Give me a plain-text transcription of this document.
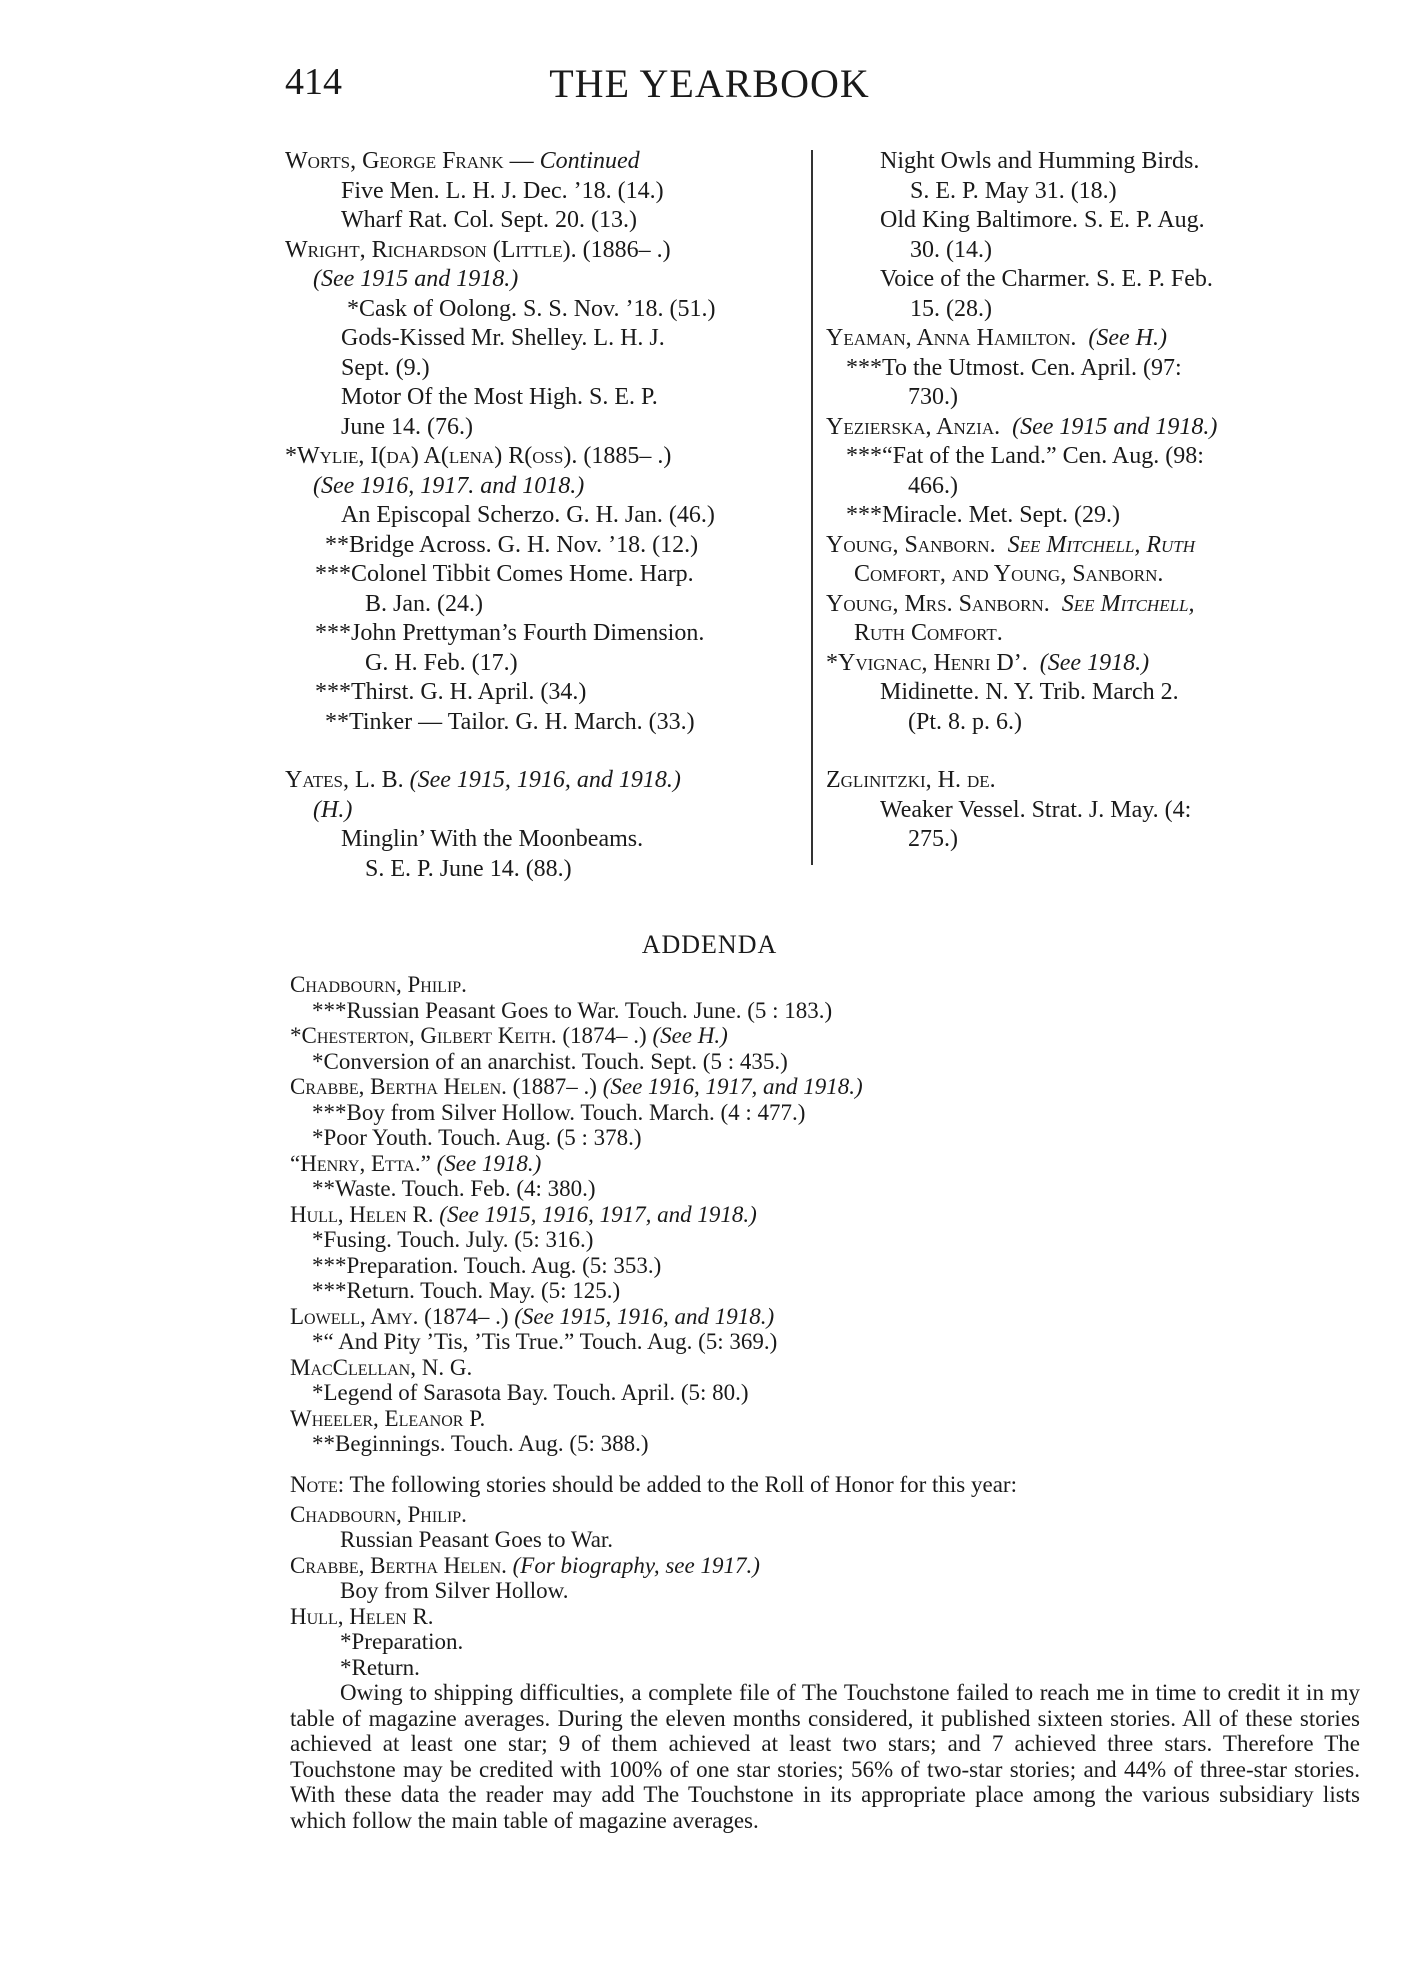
414	THE YEARBOOK

Worts, George Frank — Continued

Five Men. L. H. J. Dec. ’18. (14.)

Wharf Rat. Col. Sept. 20. (13.)

Wright, Richardson (Little). (1886– .)

(See 1915 and 1918.)

*Cask of Oolong. S. S. Nov. ’18. (51.)

Gods-Kissed Mr. Shelley. L. H. J.

Sept. (9.)

Motor Of the Most High. S. E. P.

June 14. (76.)

*Wylie, I(da) A(lena) R(oss). (1885– .)

(See 1916, 1917. and 1018.)

An Episcopal Scherzo. G. H. Jan. (46.)

**Bridge Across. G. H. Nov. ’18. (12.)

***Colonel Tibbit Comes Home. Harp.

B. Jan. (24.)

***John Prettyman’s Fourth Dimension.

G. H. Feb. (17.)

***Thirst. G. H. April. (34.)

**Tinker — Tailor. G. H. March. (33.)

Yates, L. B. (See 1915, 1916, and 1918.)

(H.)

Minglin’ With the Moonbeams.

S. E. P. June 14. (88.)

Night Owls and Humming Birds.

S. E. P. May 31. (18.)

Old King Baltimore. S. E. P. Aug.

30. (14.)

Voice of the Charmer. S. E. P. Feb.

15. (28.)

Yeaman, Anna Hamilton. (See H.)

***To the Utmost. Cen. April. (97:

730.)

Yezierska, Anzia. (See 1915 and 1918.)

***“Fat of the Land.” Cen. Aug. (98:

466.)

***Miracle. Met. Sept. (29.)

Young, Sanborn. See Mitchell, Ruth

Comfort, and Young, Sanborn.

Young, Mrs. Sanborn. See Mitchell,

Ruth Comfort.

*Yvignac, Henri D’. (See 1918.)

Midinette. N. Y. Trib. March 2.

(Pt. 8. p. 6.)

Zglinitzki, H. de.

Weaker Vessel. Strat. J. May. (4:

275.)

ADDENDA

Chadbourn, Philip.

***Russian Peasant Goes to War. Touch. June. (5 : 183.)

*Chesterton, Gilbert Keith. (1874– .) (See H.)

*Conversion of an anarchist. Touch. Sept. (5 : 435.)

Crabbe, Bertha Helen. (1887– .) (See 1916, 1917, and 1918.)

***Boy from Silver Hollow. Touch. March. (4 : 477.)

*Poor Youth. Touch. Aug. (5 : 378.)

“Henry, Etta.” (See 1918.)

**Waste. Touch. Feb. (4: 380.)

Hull, Helen R. (See 1915, 1916, 1917, and 1918.)

*Fusing. Touch. July. (5: 316.)

***Preparation. Touch. Aug. (5: 353.)

***Return. Touch. May. (5: 125.)

Lowell, Amy. (1874– .) (See 1915, 1916, and 1918.)

*“ And Pity ’Tis, ’Tis True.” Touch. Aug. (5: 369.)

MacClellan, N. G.

*Legend of Sarasota Bay. Touch. April. (5: 80.)

Wheeler, Eleanor P.

**Beginnings. Touch. Aug. (5: 388.)

Note: The following stories should be added to the Roll of Honor for this year:

Chadbourn, Philip.

Russian Peasant Goes to War.

Crabbe, Bertha Helen. (For biography, see 1917.)

Boy from Silver Hollow.

Hull, Helen R.

*Preparation.

*Return.

Owing to shipping difficulties, a complete file of The Touchstone failed to reach me in time to credit it in my table of magazine averages. During the eleven months considered, it published sixteen stories. All of these stories achieved at least one star; 9 of them achieved at least two stars; and 7 achieved three stars. Therefore The Touchstone may be credited with 100% of one star stories; 56% of two-star stories; and 44% of three-star stories. With these data the reader may add The Touchstone in its appropriate place among the various subsidiary lists which follow the main table of magazine averages.
